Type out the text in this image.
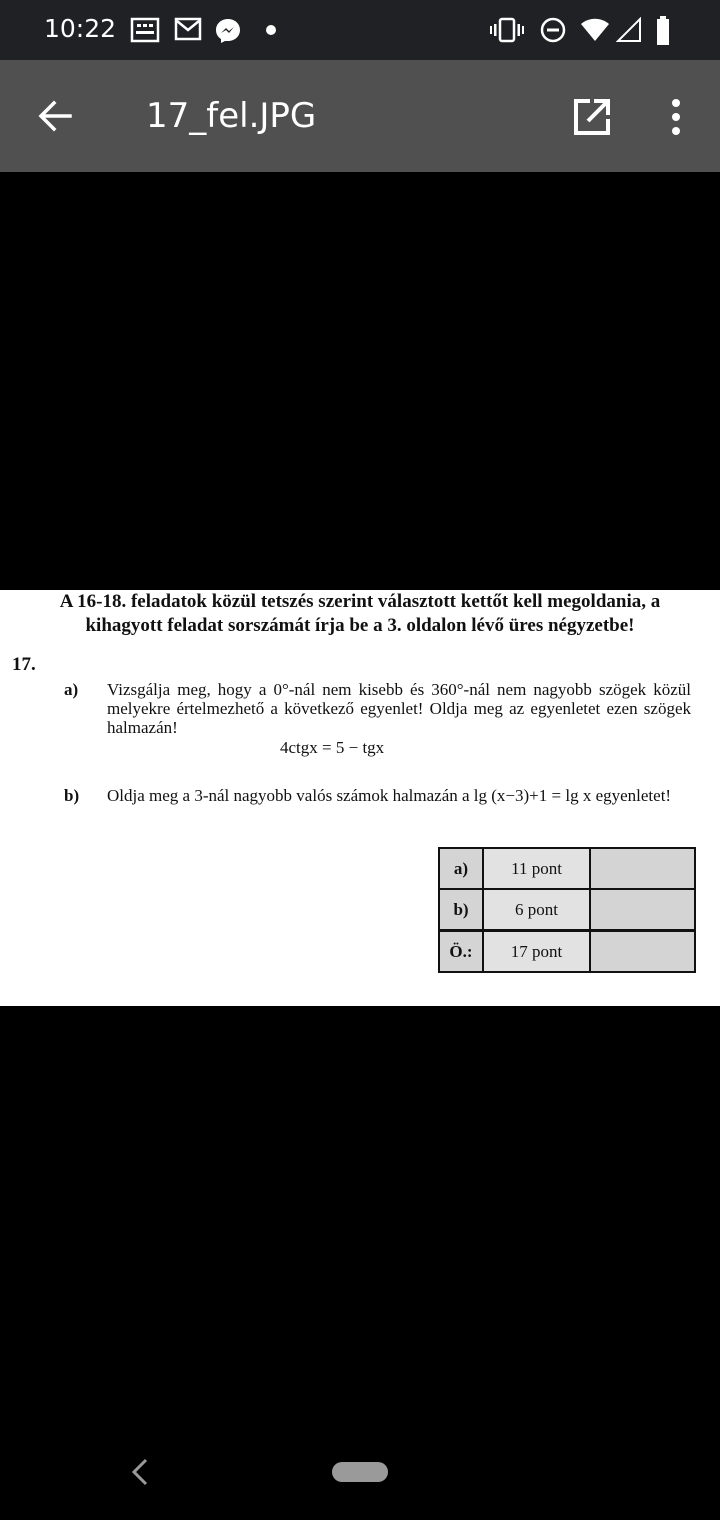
10:22
17_fel.JPG
A 16-18. feladatok közül tetszés szerint választott kettőt kell megoldania, a
kihagyott feladat sorszámát írja be a 3. oldalon lévő üres négyzetbe!
17.
a) Vizsgálja meg, hogy a 0°-nál nem kisebb és 360°-nál nem nagyobb szögek közül melyekre értelmezhető a következő egyenlet! Oldja meg az egyenletet ezen szögek halmazán!
4ctgx = 5 − tgx
b) Oldja meg a 3-nál nagyobb valós számok halmazán a lg (x−3)+1 = lg x egyenletet!
a)	11 pont	
b)	6 pont	
Ö.:	17 pont	
